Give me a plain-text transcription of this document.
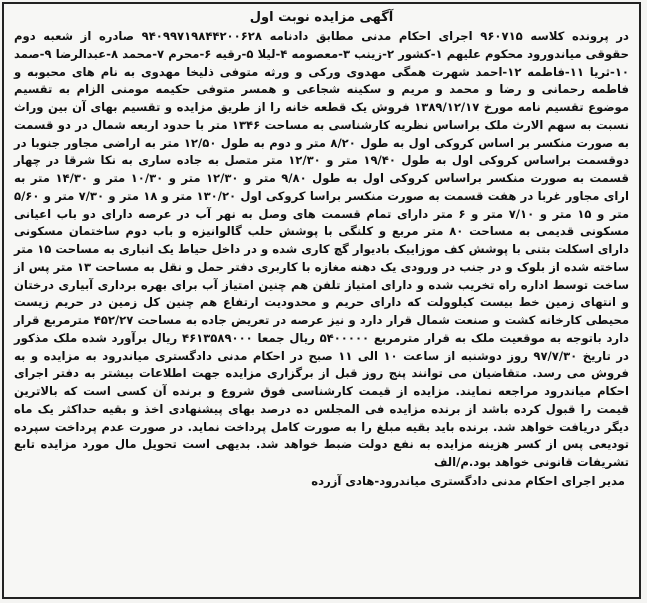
آگهی مزایده نوبت اول

در پرونده کلاسه ۹۶۰۷۱۵ اجرای احکام مدنی مطابق دادنامه ۹۴۰۹۹۷۱۹۸۴۴۲۰۰۶۲۸ صادره از شعبه دوم حقوقی میاندورود محکوم علیهم ۱-کشور ۲-زینب ۳-معصومه ۴-لیلا ۵-رقیه ۶-محرم ۷-محمد ۸-عبدالرضا ۹-صمد ۱۰-ثریا ۱۱-فاطمه ۱۲-احمد شهرت همگی مهدوی ورکی و ورثه متوفی ذلیخا مهدوی به نام های محبوبه و فاطمه رحمانی و رضا و محمد و مریم و سکینه شجاعی و همسر متوفی حکیمه مومنی الزام به تقسیم موضوع تقسیم نامه مورخ ۱۳۸۹/۱۲/۱۷ فروش یک قطعه خانه را از طریق مزایده و تقسیم بهای آن بین وراث نسبت به سهم الارث ملک براساس نظریه کارشناسی به مساحت ۱۳۴۶ متر با حدود اربعه شمال در دو قسمت به صورت منکسر بر اساس کروکی اول به طول ۸/۲۰ متر و دوم به طول ۱۲/۵۰ متر به اراضی مجاور جنوبا در دوقسمت براساس کروکی اول به طول ۱۹/۴۰ متر و ۱۲/۳۰ متر متصل به جاده ساری به نکا شرقا در چهار قسمت به صورت منکسر براساس کروکی اول به طول ۹/۸۰ متر و ۱۲/۳۰ متر و ۱۰/۳۰ متر و ۱۴/۳۰ متر به ارای مجاور غربا در هفت قسمت به صورت منکسر براسا کروکی اول ۱۳۰/۲۰ متر و ۱۸ متر و ۷/۳۰ متر و ۵/۶۰ متر و ۱۵ متر و ۷/۱۰ متر و ۶ متر دارای تمام قسمت های وصل به نهر آب در عرصه دارای دو باب اعیانی مسکونی قدیمی به مساحت ۸۰ متر مربع و کلنگی با پوشش حلب گالوانیزه و باب دوم ساختمان مسکونی دارای اسکلت بتنی با پوشش کف موزاییک بادیوار گچ کاری شده و در داخل حیاط یک انباری به مساحت ۱۵ متر ساخته شده از بلوک و در جنب در ورودی یک دهنه مغازه با کاربری دفتر حمل و نقل به مساحت ۱۳ متر پس از ساخت توسط اداره راه تخریب شده و دارای امتیاز تلفن هم چنین امتیاز آب برای بهره برداری آبیاری درختان و انتهای زمین خط بیست کیلوولت که دارای حریم و محدودیت ارتفاع هم چنین کل زمین در حریم زیست محیطی کارخانه کشت و صنعت شمال قرار دارد و نیز عرصه در تعریض جاده به مساحت ۴۵۲/۲۷ مترمربع قرار دارد باتوجه به موقعیت ملک به قرار مترمربع ۵۴۰۰۰۰۰ ریال جمعا ۴۶۱۳۵۸۹۰۰۰ ریال برآورد شده ملک مذکور در تاریخ ۹۷/۷/۳۰ روز دوشنبه از ساعت ۱۰ الی ۱۱ صبح در احکام مدنی دادگستری میاندرود به مزایده و به فروش می رسد. متقاضیان می توانند پنج روز قبل از برگزاری مزایده جهت اطلاعات بیشتر به دفتر اجرای احکام میاندرود مراجعه نمایند. مزایده از قیمت کارشناسی فوق شروع و برنده آن کسی است که بالاترین قیمت را قبول کرده باشد از برنده مزایده فی المجلس ده درصد بهای پیشنهادی اخذ و بقیه حداکثر یک ماه دیگر دریافت خواهد شد. برنده باید بقیه مبلغ را به صورت کامل پرداخت نماید. در صورت عدم پرداخت سپرده تودیعی پس از کسر هزینه مزایده به نفع دولت ضبط خواهد شد. بدیهی است تحویل مال مورد مزایده تابع تشریفات قانونی خواهد بود.م/الف

مدیر اجرای احکام مدنی دادگستری میاندرود-هادی آزرده
